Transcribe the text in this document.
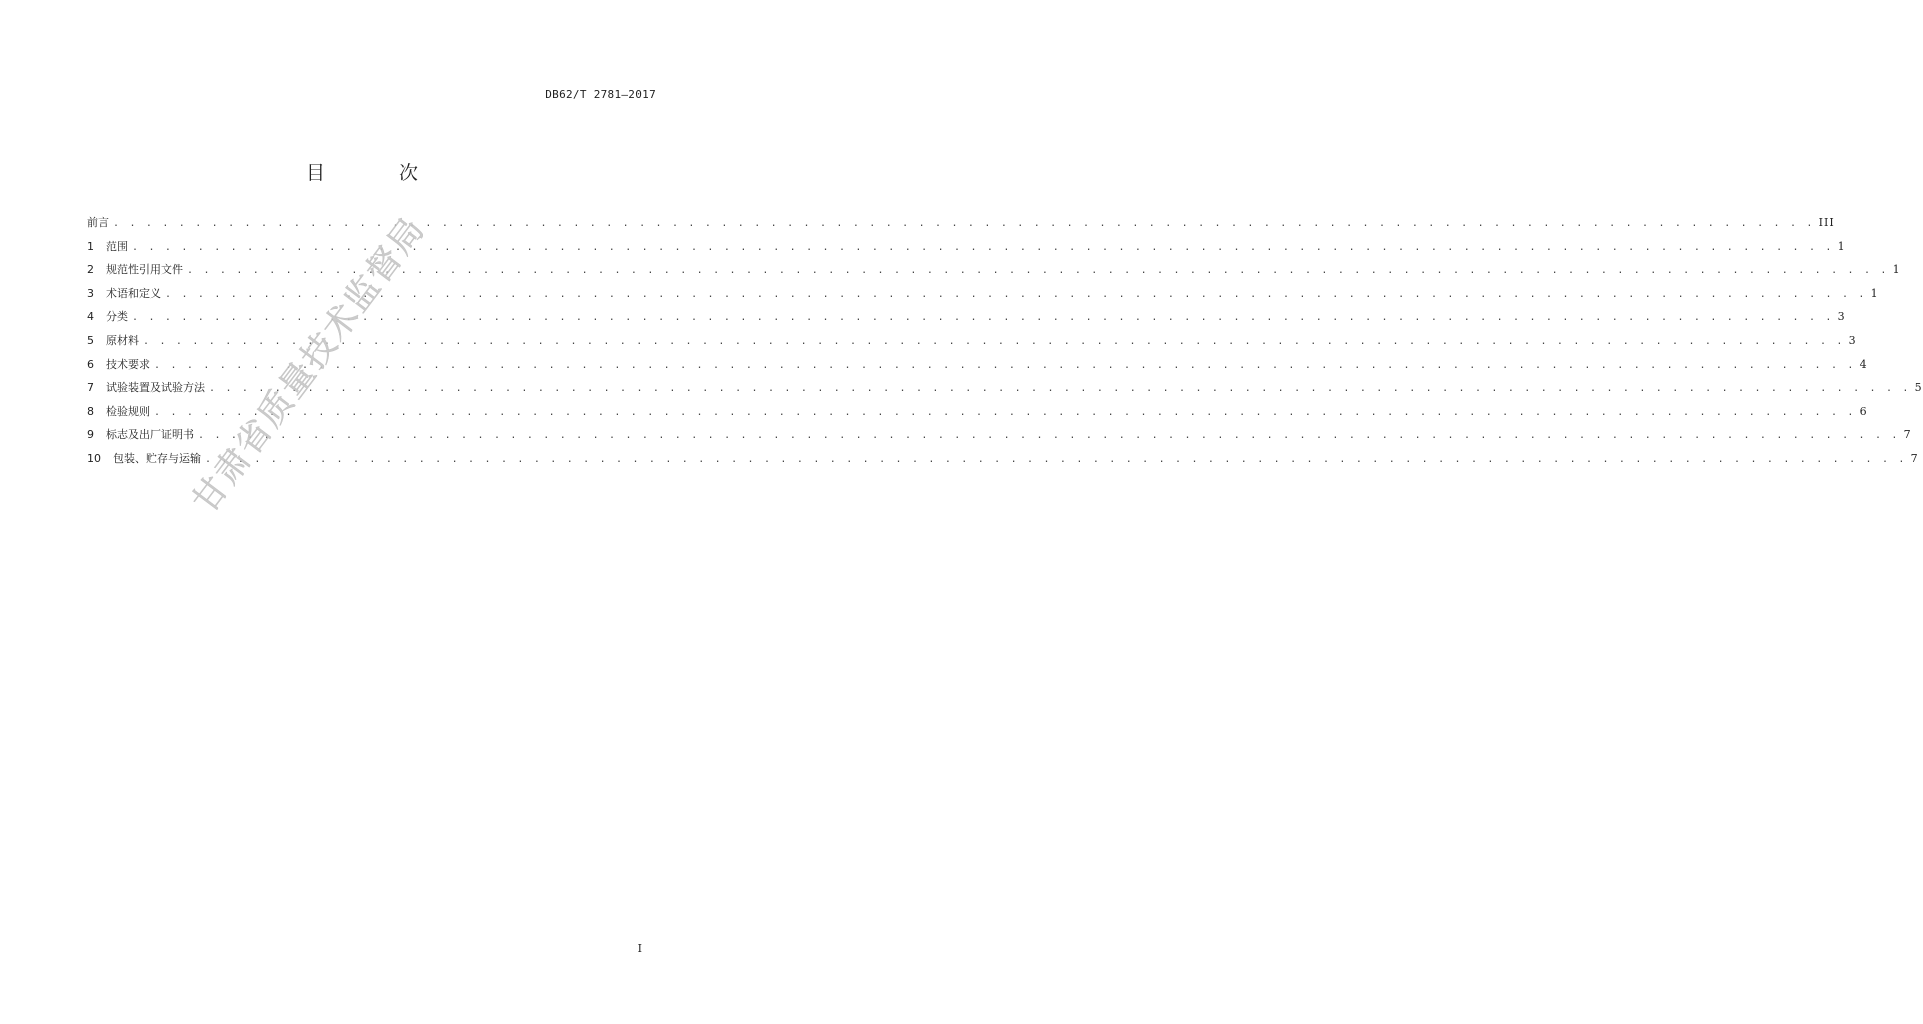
DB62/T 2781—2017
目 次
前言 . . . . . . . . . . . . . . . . . . . . . . . . . . . . . . . . . . . . . . . . . . . . . . . . . . . . . . . . . . . . . . . . . . . . . . . . . . . . . . . . . . . . . . . . . . . . . . . . . . . . . . . . III
1	范围 . . . . . . . . . . . . . . . . . . . . . . . . . . . . . . . . . . . . . . . . . . . . . . . . . . . . . . . . . . . . . . . . . . . . . . . . . . . . . . . . . . . . . . . . . . . . . . . . . . . . . . . . 1
2	规范性引用文件 . . . . . . . . . . . . . . . . . . . . . . . . . . . . . . . . . . . . . . . . . . . . . . . . . . . . . . . . . . . . . . . . . . . . . . . . . . . . . . . . . . . . . . . . . . . . . . . . . . . . . . . . 1
3	术语和定义 . . . . . . . . . . . . . . . . . . . . . . . . . . . . . . . . . . . . . . . . . . . . . . . . . . . . . . . . . . . . . . . . . . . . . . . . . . . . . . . . . . . . . . . . . . . . . . . . . . . . . . . . 1
4	分类 . . . . . . . . . . . . . . . . . . . . . . . . . . . . . . . . . . . . . . . . . . . . . . . . . . . . . . . . . . . . . . . . . . . . . . . . . . . . . . . . . . . . . . . . . . . . . . . . . . . . . . . . 3
5	原材料 . . . . . . . . . . . . . . . . . . . . . . . . . . . . . . . . . . . . . . . . . . . . . . . . . . . . . . . . . . . . . . . . . . . . . . . . . . . . . . . . . . . . . . . . . . . . . . . . . . . . . . . . 3
6	技术要求 . . . . . . . . . . . . . . . . . . . . . . . . . . . . . . . . . . . . . . . . . . . . . . . . . . . . . . . . . . . . . . . . . . . . . . . . . . . . . . . . . . . . . . . . . . . . . . . . . . . . . . . . 4
7	试验装置及试验方法 . . . . . . . . . . . . . . . . . . . . . . . . . . . . . . . . . . . . . . . . . . . . . . . . . . . . . . . . . . . . . . . . . . . . . . . . . . . . . . . . . . . . . . . . . . . . . . . . . . . . . . . . 5
8	检验规则 . . . . . . . . . . . . . . . . . . . . . . . . . . . . . . . . . . . . . . . . . . . . . . . . . . . . . . . . . . . . . . . . . . . . . . . . . . . . . . . . . . . . . . . . . . . . . . . . . . . . . . . . 6
9	标志及出厂证明书 . . . . . . . . . . . . . . . . . . . . . . . . . . . . . . . . . . . . . . . . . . . . . . . . . . . . . . . . . . . . . . . . . . . . . . . . . . . . . . . . . . . . . . . . . . . . . . . . . . . . . . . . 7
10	包装、贮存与运输 . . . . . . . . . . . . . . . . . . . . . . . . . . . . . . . . . . . . . . . . . . . . . . . . . . . . . . . . . . . . . . . . . . . . . . . . . . . . . . . . . . . . . . . . . . . . . . . . . . . . . . . . 7
甘肃省质量技术监督局
I
